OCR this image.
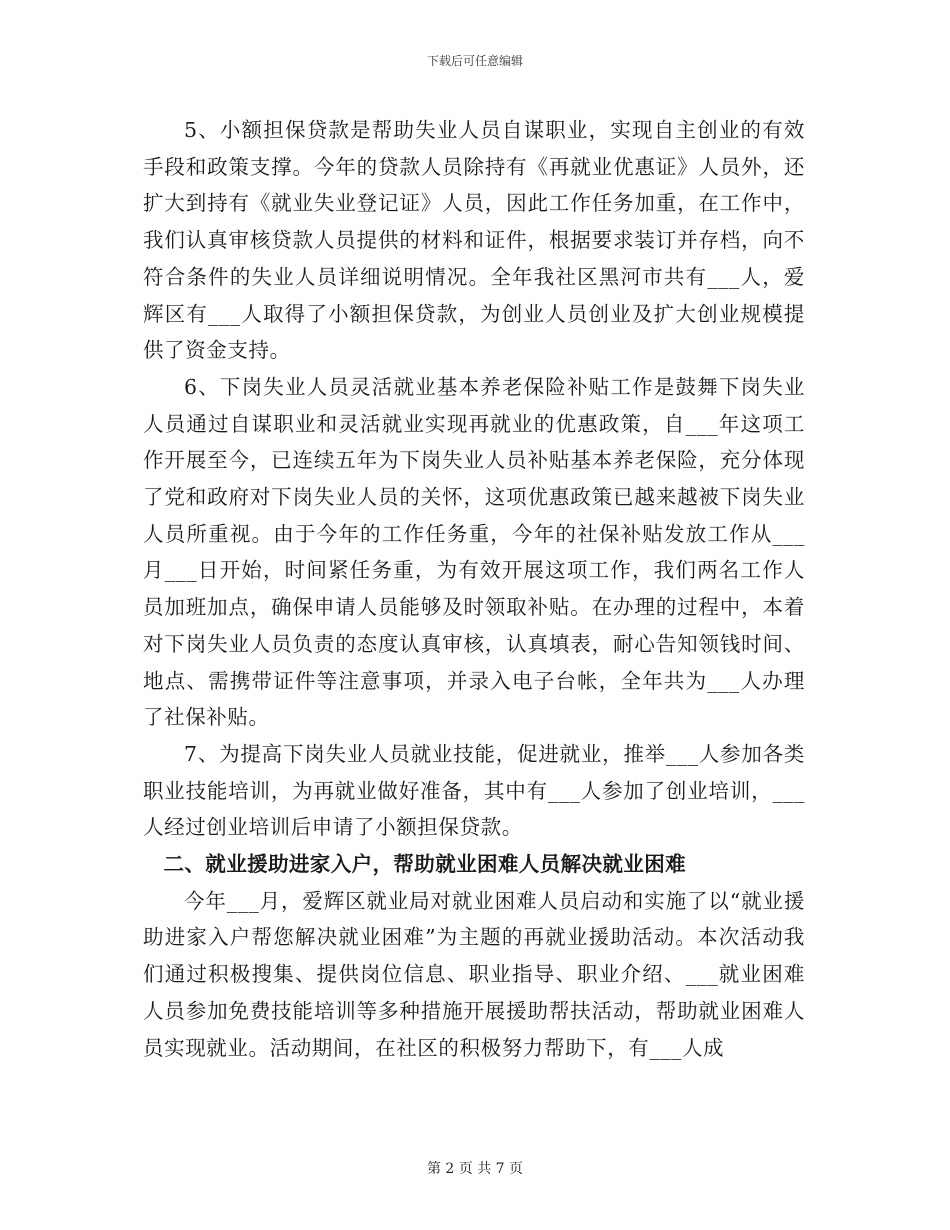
下载后可任意编辑

5、小额担保贷款是帮助失业人员自谋职业，实现自主创业的有效手段和政策支撑。今年的贷款人员除持有《再就业优惠证》人员外，还扩大到持有《就业失业登记证》人员，因此工作任务加重，在工作中，我们认真审核贷款人员提供的材料和证件，根据要求装订并存档，向不符合条件的失业人员详细说明情况。全年我社区黑河市共有___人，爱辉区有___人取得了小额担保贷款，为创业人员创业及扩大创业规模提供了资金支持。

6、下岗失业人员灵活就业基本养老保险补贴工作是鼓舞下岗失业人员通过自谋职业和灵活就业实现再就业的优惠政策，自___年这项工作开展至今，已连续五年为下岗失业人员补贴基本养老保险，充分体现了党和政府对下岗失业人员的关怀，这项优惠政策已越来越被下岗失业人员所重视。由于今年的工作任务重，今年的社保补贴发放工作从___月___日开始，时间紧任务重，为有效开展这项工作，我们两名工作人员加班加点，确保申请人员能够及时领取补贴。在办理的过程中，本着对下岗失业人员负责的态度认真审核，认真填表，耐心告知领钱时间、地点、需携带证件等注意事项，并录入电子台帐，全年共为___人办理了社保补贴。

7、为提高下岗失业人员就业技能，促进就业，推举___人参加各类职业技能培训，为再就业做好准备，其中有___人参加了创业培训，___人经过创业培训后申请了小额担保贷款。

二、就业援助进家入户，帮助就业困难人员解决就业困难

今年___月，爱辉区就业局对就业困难人员启动和实施了以“就业援助进家入户帮您解决就业困难”为主题的再就业援助活动。本次活动我们通过积极搜集、提供岗位信息、职业指导、职业介绍、___就业困难人员参加免费技能培训等多种措施开展援助帮扶活动，帮助就业困难人员实现就业。活动期间，在社区的积极努力帮助下，有___人成

第 2 页 共 7 页
